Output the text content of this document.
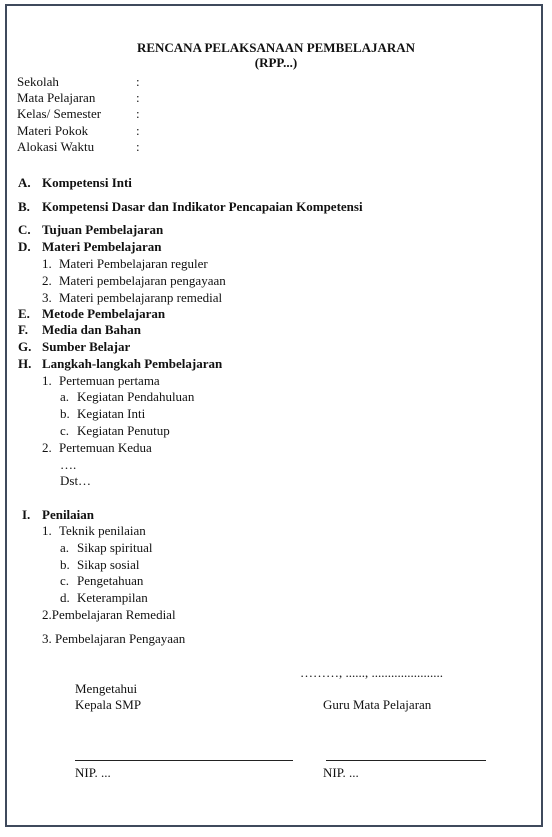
RENCANA PELAKSANAAN PEMBELAJARAN
(RPP...)
Sekolah	:
Mata Pelajaran	:
Kelas/ Semester	:
Materi Pokok	:
Alokasi Waktu	:
A. Kompetensi Inti
B. Kompetensi Dasar dan Indikator Pencapaian Kompetensi
C. Tujuan Pembelajaran
D. Materi Pembelajaran
1. Materi Pembelajaran reguler
2. Materi pembelajaran pengayaan
3. Materi pembelajaranp remedial
E. Metode Pembelajaran
F. Media dan Bahan
G. Sumber Belajar
H. Langkah-langkah Pembelajaran
1. Pertemuan pertama
a. Kegiatan Pendahuluan
b. Kegiatan Inti
c. Kegiatan Penutup
2. Pertemuan Kedua
….
Dst…
I. Penilaian
1. Teknik penilaian
a. Sikap spiritual
b. Sikap sosial
c. Pengetahuan
d. Keterampilan
2.Pembelajaran Remedial
3. Pembelajaran Pengayaan
………, ......, ......................
Mengetahui
Kepala SMP	Guru Mata Pelajaran
NIP. ...	NIP. ...
